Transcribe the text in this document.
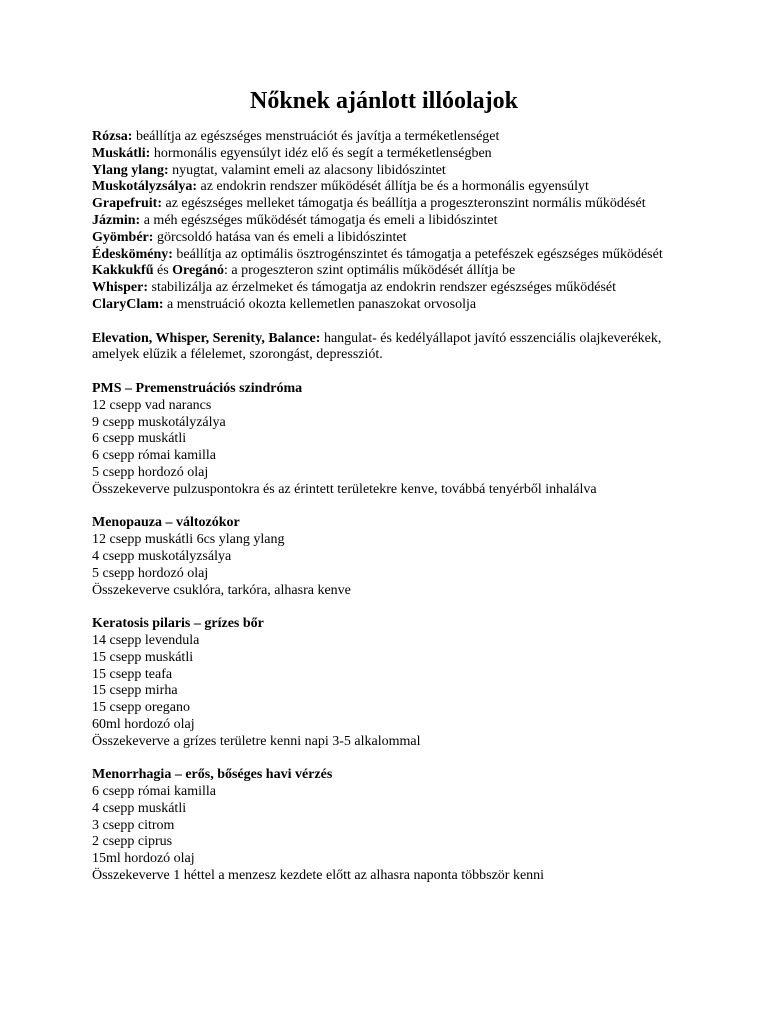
Nőknek ajánlott illóolajok
Rózsa: beállítja az egészséges menstruációt és javítja a terméketlenséget
Muskátli: hormonális egyensúlyt idéz elő és segít a terméketlenségben
Ylang ylang: nyugtat, valamint emeli az alacsony libidószintet
Muskotályzsálya: az endokrin rendszer működését állítja be és a hormonális egyensúlyt
Grapefruit: az egészséges melleket támogatja és beállítja a progeszteronszint normális működését
Jázmin: a méh egészséges működését támogatja és emeli a libidószintet
Gyömbér: görcsoldó hatása van és emeli a libidószintet
Édeskömény: beállítja az optimális ösztrogénszintet és támogatja a petefészek egészséges működését
Kakkukfű és Oregánó: a progeszteron szint optimális működését állítja be
Whisper: stabilizálja az érzelmeket és támogatja az endokrin rendszer egészséges működését
ClaryClam: a menstruáció okozta kellemetlen panaszokat orvosolja
Elevation, Whisper, Serenity, Balance: hangulat- és kedélyállapot javító esszenciális olajkeverékek, amelyek elűzik a félelemet, szorongást, depressziót.
PMS – Premenstruációs szindróma
12 csepp vad narancs
9 csepp muskotályzálya
6 csepp muskátli
6 csepp római kamilla
5 csepp hordozó olaj
Összekeverve pulzuspontokra és az érintett területekre kenve, továbbá tenyérből inhalálva
Menopauza – változókor
12 csepp muskátli 6cs ylang ylang
4 csepp muskotályzsálya
5 csepp hordozó olaj
Összekeverve csuklóra, tarkóra, alhasra kenve
Keratosis pilaris – grízes bőr
14 csepp levendula
15 csepp muskátli
15 csepp teafa
15 csepp mirha
15 csepp oregano
60ml hordozó olaj
Összekeverve a grízes területre kenni napi 3-5 alkalommal
Menorrhagia – erős, bőséges havi vérzés
6 csepp római kamilla
4 csepp muskátli
3 csepp citrom
2 csepp ciprus
15ml hordozó olaj
Összekeverve 1 héttel a menzesz kezdete előtt az alhasra naponta többször kenni
